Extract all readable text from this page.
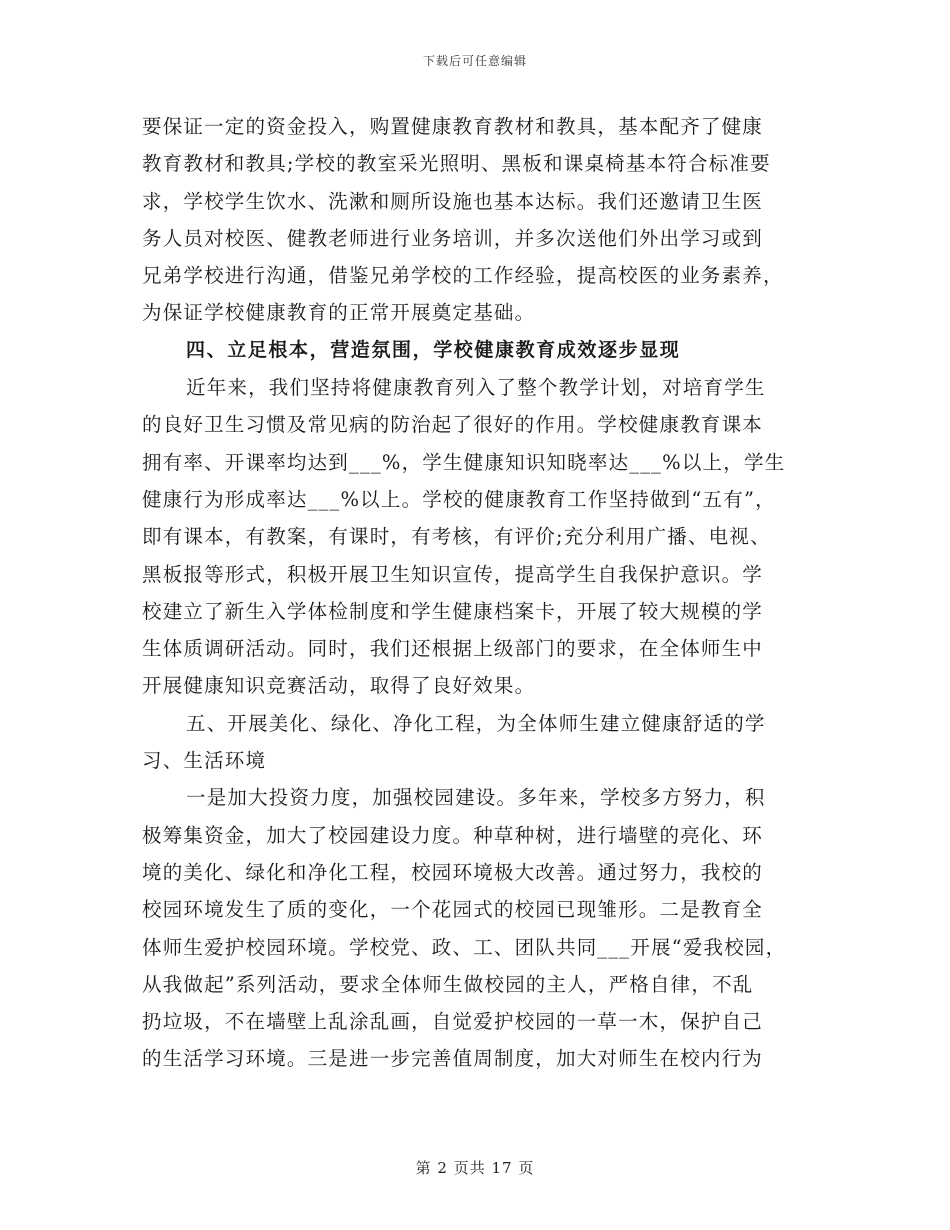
下载后可任意编辑
要保证一定的资金投入，购置健康教育教材和教具，基本配齐了健康
教育教材和教具;学校的教室采光照明、黑板和课桌椅基本符合标准要
求，学校学生饮水、洗漱和厕所设施也基本达标。我们还邀请卫生医
务人员对校医、健教老师进行业务培训，并多次送他们外出学习或到
兄弟学校进行沟通，借鉴兄弟学校的工作经验，提高校医的业务素养，
为保证学校健康教育的正常开展奠定基础。
四、立足根本，营造氛围，学校健康教育成效逐步显现
近年来，我们坚持将健康教育列入了整个教学计划，对培育学生
的良好卫生习惯及常见病的防治起了很好的作用。学校健康教育课本
拥有率、开课率均达到___%，学生健康知识知晓率达___%以上，学生
健康行为形成率达___%以上。学校的健康教育工作坚持做到“五有”，
即有课本，有教案，有课时，有考核，有评价;充分利用广播、电视、
黑板报等形式，积极开展卫生知识宣传，提高学生自我保护意识。学
校建立了新生入学体检制度和学生健康档案卡，开展了较大规模的学
生体质调研活动。同时，我们还根据上级部门的要求，在全体师生中
开展健康知识竞赛活动，取得了良好效果。
五、开展美化、绿化、净化工程，为全体师生建立健康舒适的学
习、生活环境
一是加大投资力度，加强校园建设。多年来，学校多方努力，积
极筹集资金，加大了校园建设力度。种草种树，进行墙壁的亮化、环
境的美化、绿化和净化工程，校园环境极大改善。通过努力，我校的
校园环境发生了质的变化，一个花园式的校园已现雏形。二是教育全
体师生爱护校园环境。学校党、政、工、团队共同___开展“爱我校园，
从我做起”系列活动，要求全体师生做校园的主人，严格自律，不乱
扔垃圾，不在墙壁上乱涂乱画，自觉爱护校园的一草一木，保护自己
的生活学习环境。三是进一步完善值周制度，加大对师生在校内行为
第 2 页共 17 页
